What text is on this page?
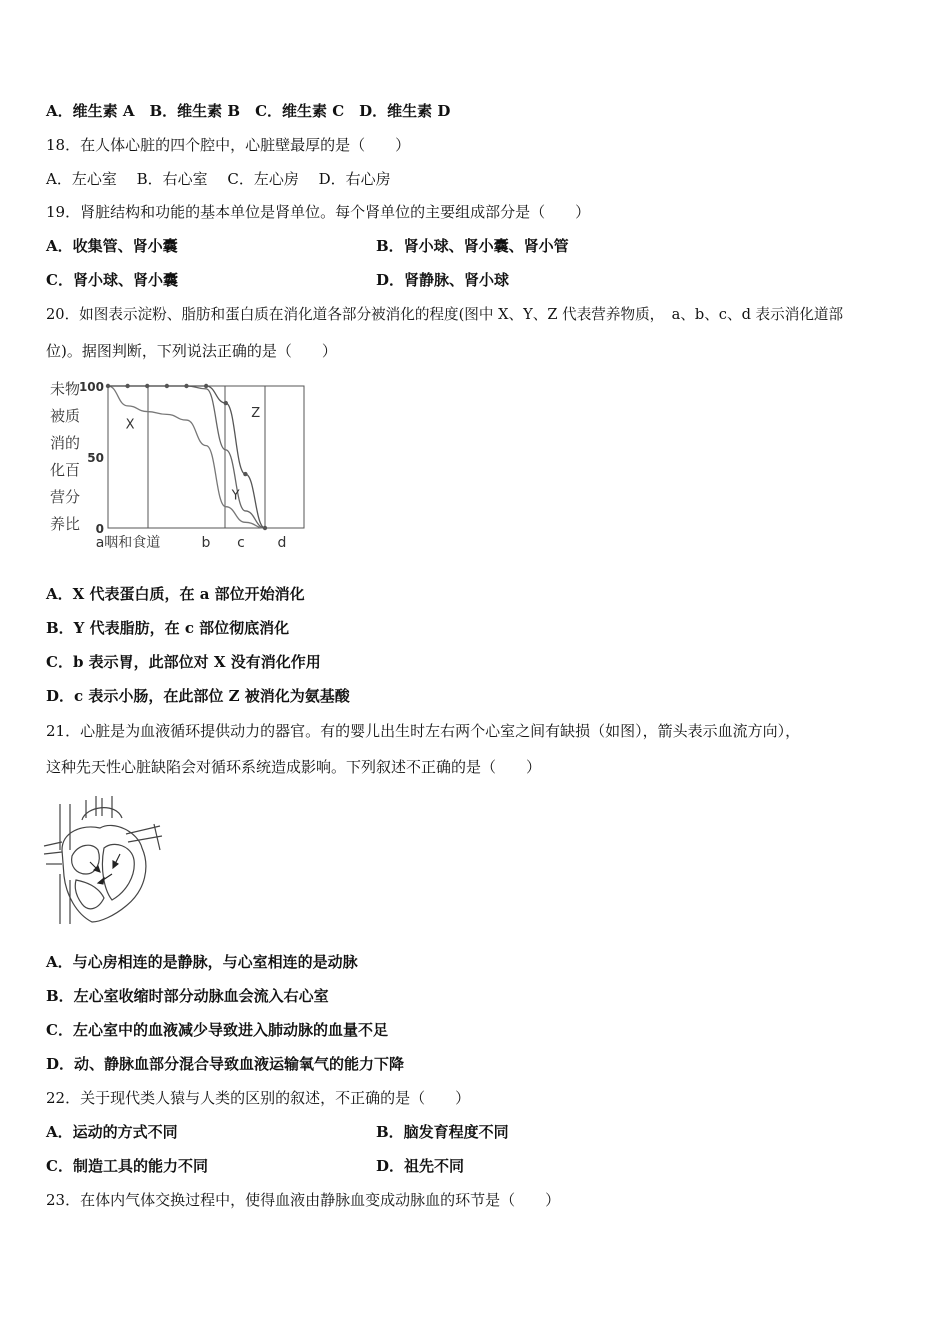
A．维生素 A　B．维生素 B　C．维生素 C　D．维生素 D
18．在人体心脏的四个腔中，心脏壁最厚的是（　　）
A．左心室　 B．右心室　 C．左心房　 D．右心房
19．肾脏结构和功能的基本单位是肾单位。每个肾单位的主要组成部分是（　　）
A．收集管、肾小囊	B．肾小球、肾小囊、肾小管
C．肾小球、肾小囊	D．肾静脉、肾小球
20．如图表示淀粉、脂肪和蛋白质在消化道各部分被消化的程度(图中 X、Y、Z 代表营养物质，　a、b、c、d 表示消化道部
位)。据图判断，下列说法正确的是（　　）
未物
被质
消的
化百
营分
养比
100
50
0
X
Y
Z
a咽和食道	b c d
A．X 代表蛋白质，在 a 部位开始消化
B．Y 代表脂肪，在 c 部位彻底消化
C．b 表示胃，此部位对 X 没有消化作用
D．c 表示小肠，在此部位 Z 被消化为氨基酸
21．心脏是为血液循环提供动力的器官。有的婴儿出生时左右两个心室之间有缺损（如图），箭头表示血流方向），
这种先天性心脏缺陷会对循环系统造成影响。下列叙述不正确的是（　　）
A．与心房相连的是静脉，与心室相连的是动脉
B．左心室收缩时部分动脉血会流入右心室
C．左心室中的血液减少导致进入肺动脉的血量不足
D．动、静脉血部分混合导致血液运输氧气的能力下降
22．关于现代类人猿与人类的区别的叙述，不正确的是（　　）
A．运动的方式不同	B．脑发育程度不同
C．制造工具的能力不同	D．祖先不同
23．在体内气体交换过程中，使得血液由静脉血变成动脉血的环节是（　　）
